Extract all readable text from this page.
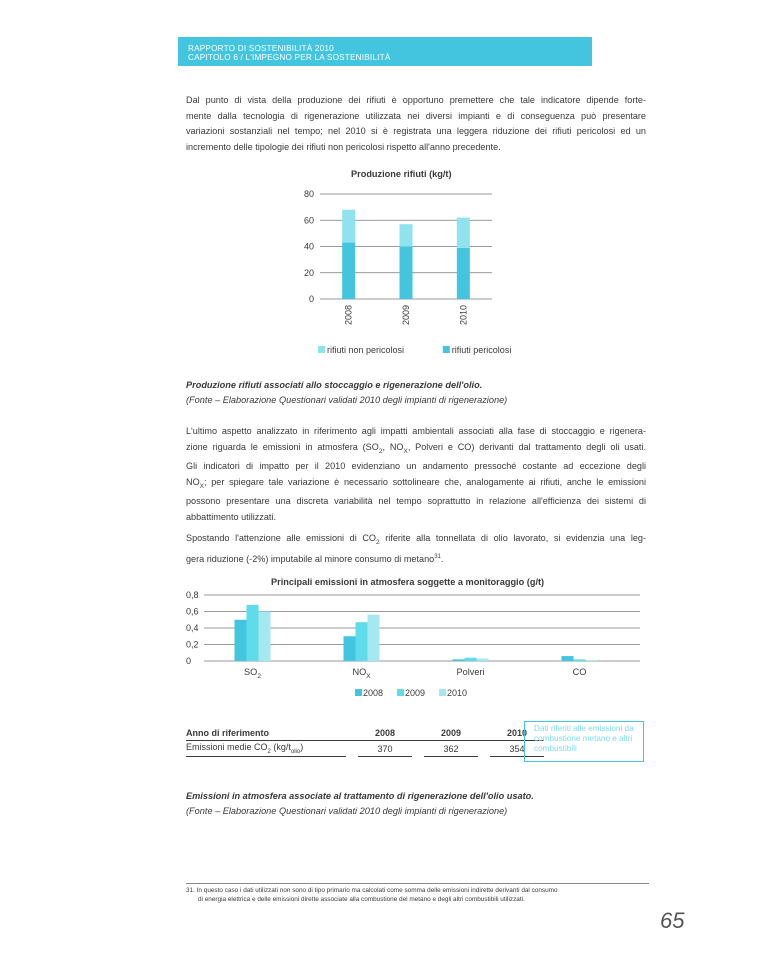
RAPPORTO DI SOSTENIBILITÀ 2010
CAPITOLO 6 / L'IMPEGNO PER LA SOSTENIBILITÀ
Dal punto di vista della produzione dei rifiuti è opportuno premettere che tale indicatore dipende forte-
mente dalla tecnologia di rigenerazione utilizzata nei diversi impianti e di conseguenza può presentare
variazioni sostanziali nel tempo; nel 2010 si è registrata una leggera riduzione dei rifiuti pericolosi ed un
incremento delle tipologie dei rifiuti non pericolosi rispetto all'anno precedente.
Produzione rifiuti (kg/t)
0
20
40
60
80
2008	2009	2010
rifiuti non pericolosi	rifiuti pericolosi
Produzione rifiuti associati allo stoccaggio e rigenerazione dell'olio.
(Fonte – Elaborazione Questionari validati 2010 degli impianti di rigenerazione)
L'ultimo aspetto analizzato in riferimento agli impatti ambientali associati alla fase di stoccaggio e rigenera-
zione riguarda le emissioni in atmosfera ($SO_2$, $NO_X$, Polveri e CO) derivanti dal trattamento degli oli usati.
Gli indicatori di impatto per il 2010 evidenziano un andamento pressoché costante ad eccezione degli
$NO_X$; per spiegare tale variazione è necessario sottolineare che, analogamente ai rifiuti, anche le emissioni
possono presentare una discreta variabilità nel tempo soprattutto in relazione all'efficienza dei sistemi di
abbattimento utilizzati.
Spostando l'attenzione alle emissioni di $CO_2$ riferite alla tonnellata di olio lavorato, si evidenzia una leg-
gera riduzione (-2%) imputabile al minore consumo di metano$^{31}$.
Principali emissioni in atmosfera soggette a monitoraggio (g/t)
0
0,2
0,4
0,6
0,8
$SO_2$	$NO_X$	Polveri	CO
2008 2009 2010
Anno di riferimento		2008		2009		2010
Emissioni medie $CO_2$ $(kg/t_{olio})$		370		362		354
Dati riferiti alle emissioni da combustione metano e altri combustibili
Emissioni in atmosfera associate al trattamento di rigenerazione dell'olio usato.
(Fonte – Elaborazione Questionari validati 2010 degli impianti di rigenerazione)
31. In questo caso i dati utilizzati non sono di tipo primario ma calcolati come somma delle emissioni indirette derivanti dal consumo
di energia elettrica e delle emissioni dirette associate alla combustione del metano e degli altri combustibili utilizzati.
65
